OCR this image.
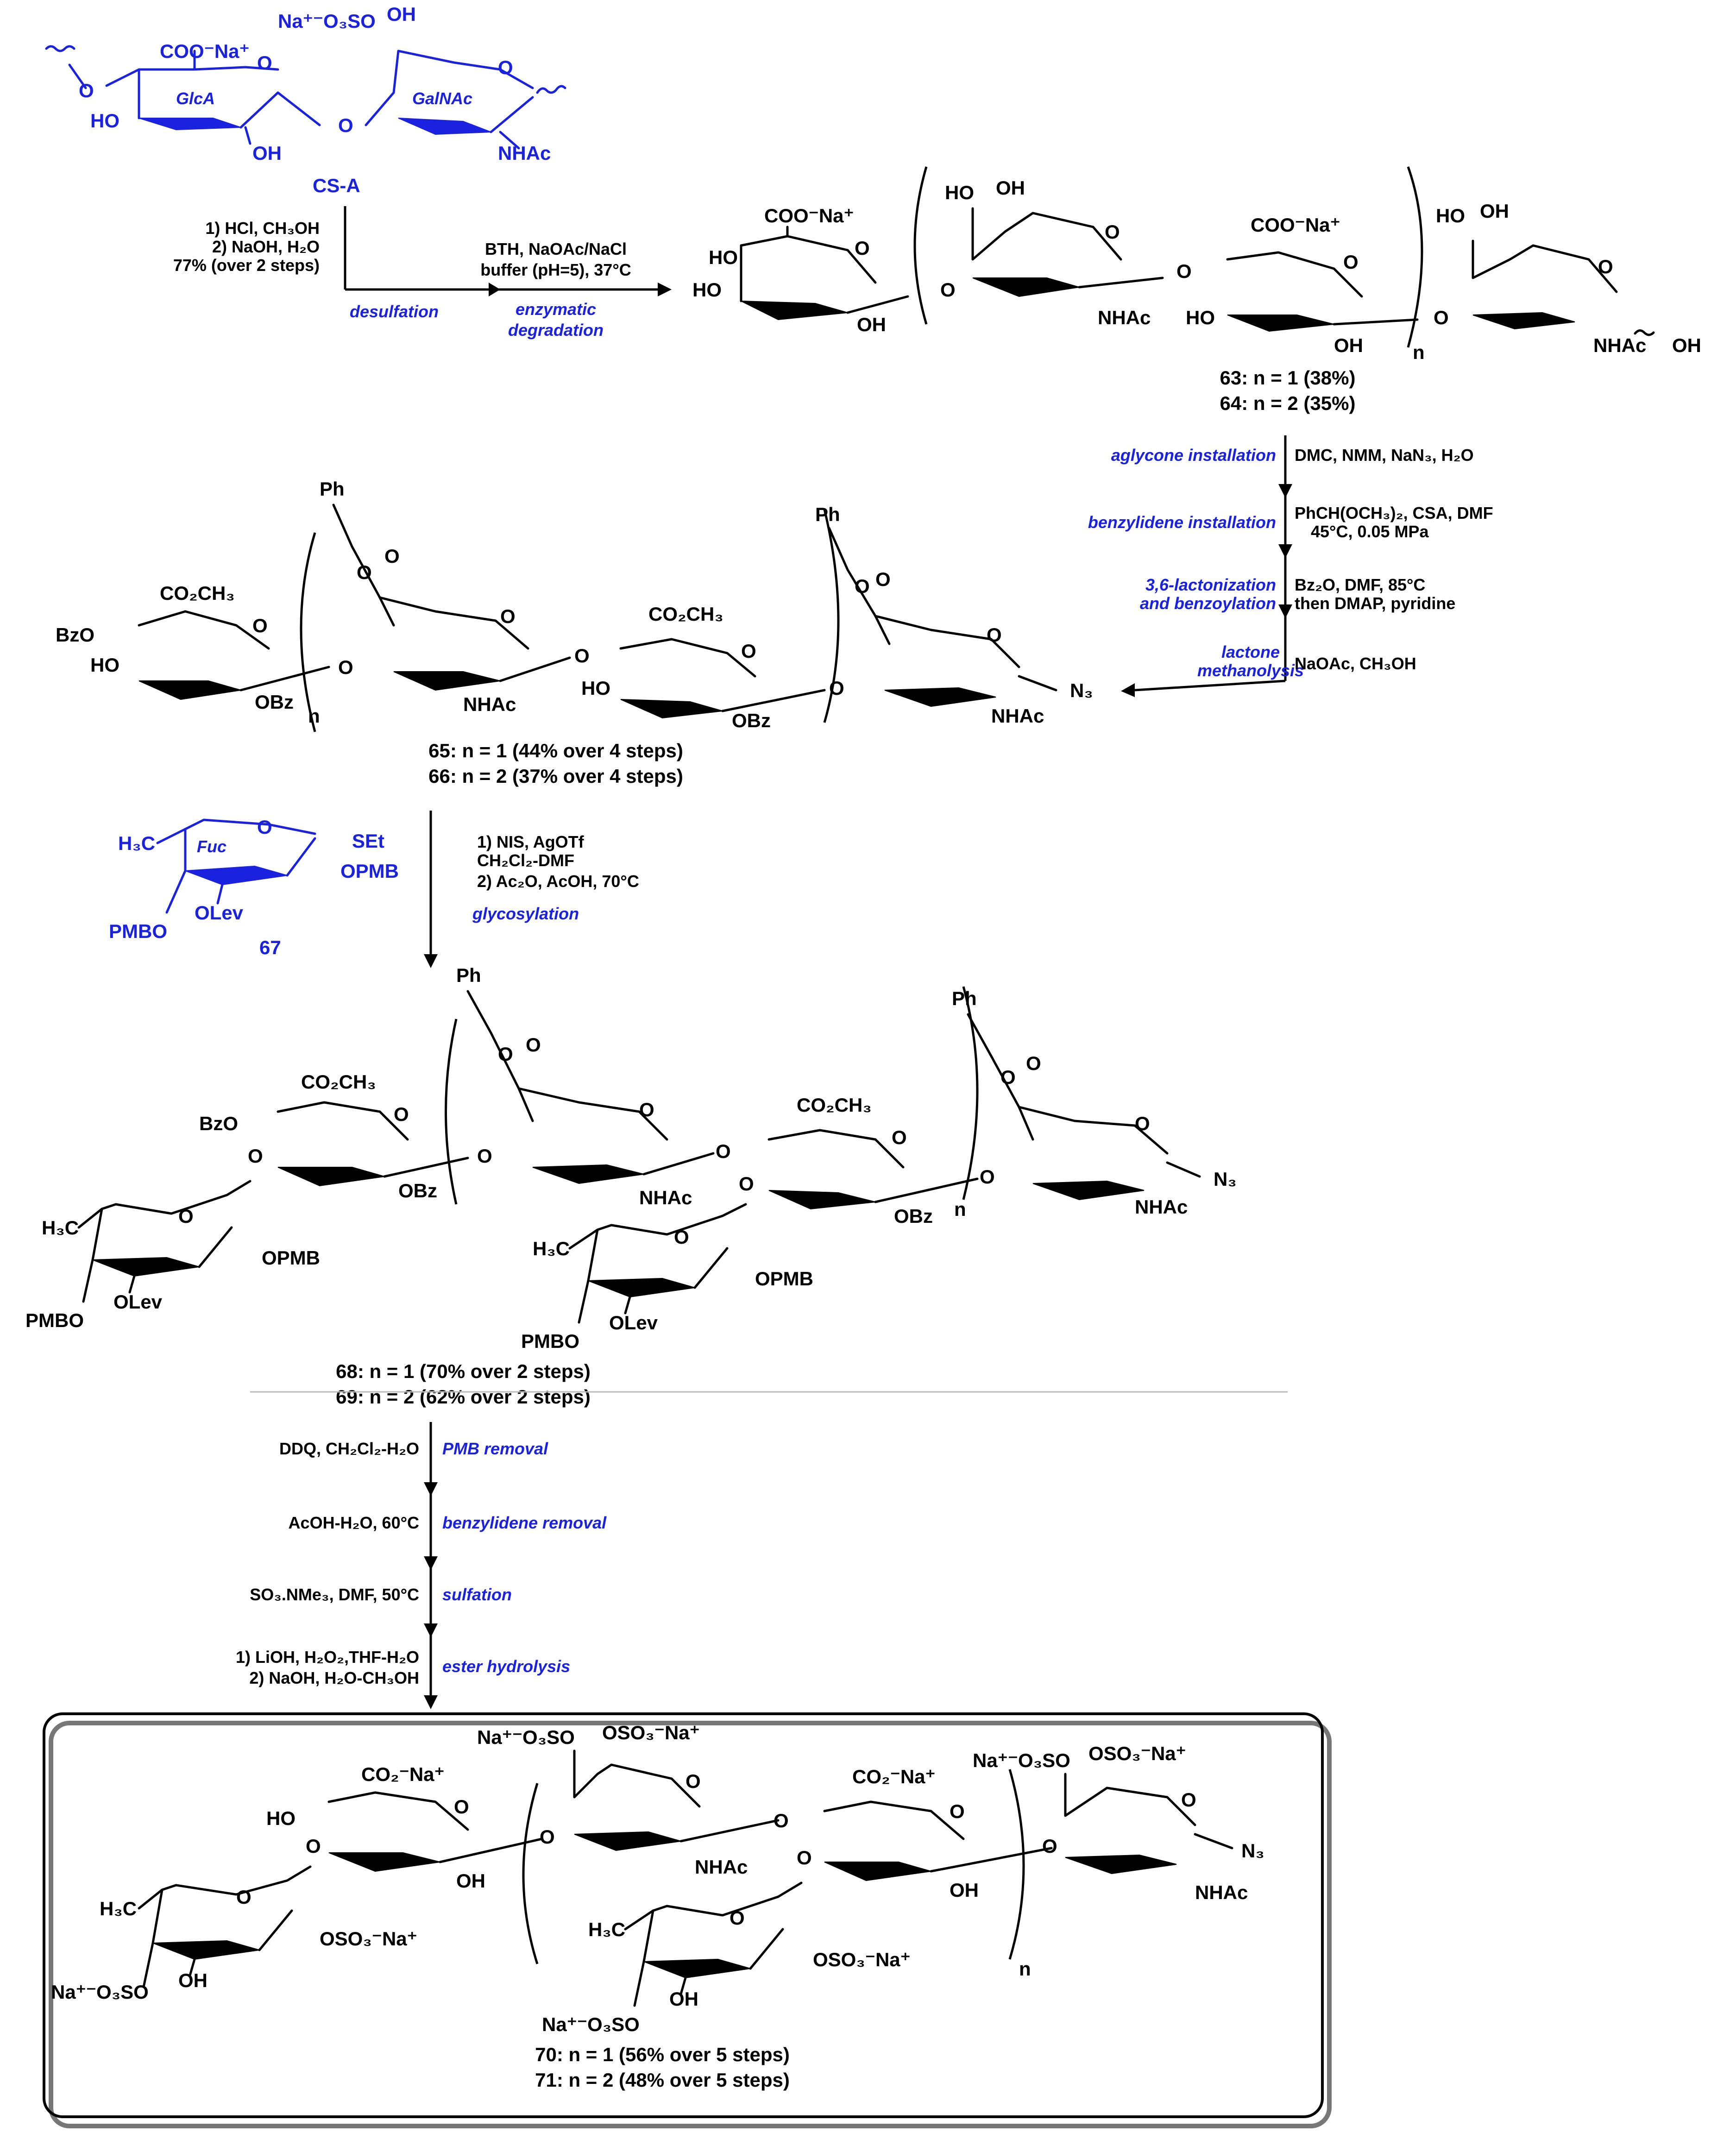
O
COO⁻Na⁺
O
GlcA
HO
OH
O
Na⁺⁻O₃SO OH
O
GalNAc
NHAc
CS-A
1) HCl, CH₃OH
2) NaOH, H₂O
77% (over 2 steps)
desulfation
BTH, NaOAc/NaCl
buffer (pH=5), 37°C
enzymatic
degradation
COO⁻Na⁺
O
HO
HO
OH
O
HO OH
O
NHAc
O
COO⁻Na⁺
O
HO
OH	n
O
HO OH
O
NHAc OH
63: n = 1 (38%)
64: n = 2 (35%)
aglycone installation DMC, NMM, NaN₃, H₂O
benzylidene installation PhCH(OCH₃)₂, CSA, DMF
45°C, 0.05 MPa
3,6-lactonization
and benzoylation
Bz₂O, DMF, 85°C
then DMAP, pyridine
lactone
methanolysis
NaOAc, CH₃OH
Ph
Ph
n
CO₂CH₃
O
BzO
HO
OBz
O
O
O
O
NHAc
O
CO₂CH₃
O
HO
OBz
O
O O
O
NHAc
N₃
65: n = 1 (44% over 4 steps)
66: n = 2 (37% over 4 steps)
H₃C
O
Fuc	SEt
OPMB
OLev
PMBO
67
1) NIS, AgOTf
CH₂Cl₂-DMF
2) Ac₂O, AcOH, 70°C
glycosylation
Ph
Ph
n
CO₂CH₃
O
BzO
OBz
O	O
H₃C
O
OPMB
OLev
PMBO
O O
O
NHAc
O
CO₂CH₃
O
OBz
O	O
H₃C
O
OPMB
OLev
PMBO
O
O
O
NHAc
N₃
68: n = 1 (70% over 2 steps)
69: n = 2 (62% over 2 steps)
DDQ, CH₂Cl₂-H₂O PMB removal
AcOH-H₂O, 60°C benzylidene removal
SO₃.NMe₃, DMF, 50°C sulfation
1) LiOH, H₂O₂,THF-H₂O
2) NaOH, H₂O-CH₃OH
ester hydrolysis
n
CO₂⁻Na⁺
O
HO
OH
O	O
H₃C
O
OSO₃⁻Na⁺
OH
Na⁺⁻O₃SO
Na⁺⁻O₃SO OSO₃⁻Na⁺
O
NHAc
O
CO₂⁻Na⁺
O
OH
O
O
H₃C
O
OSO₃⁻Na⁺
OH
Na⁺⁻O₃SO
Na⁺⁻O₃SO OSO₃⁻Na⁺
O
NHAc
N₃
70: n = 1 (56% over 5 steps)
71: n = 2 (48% over 5 steps)
